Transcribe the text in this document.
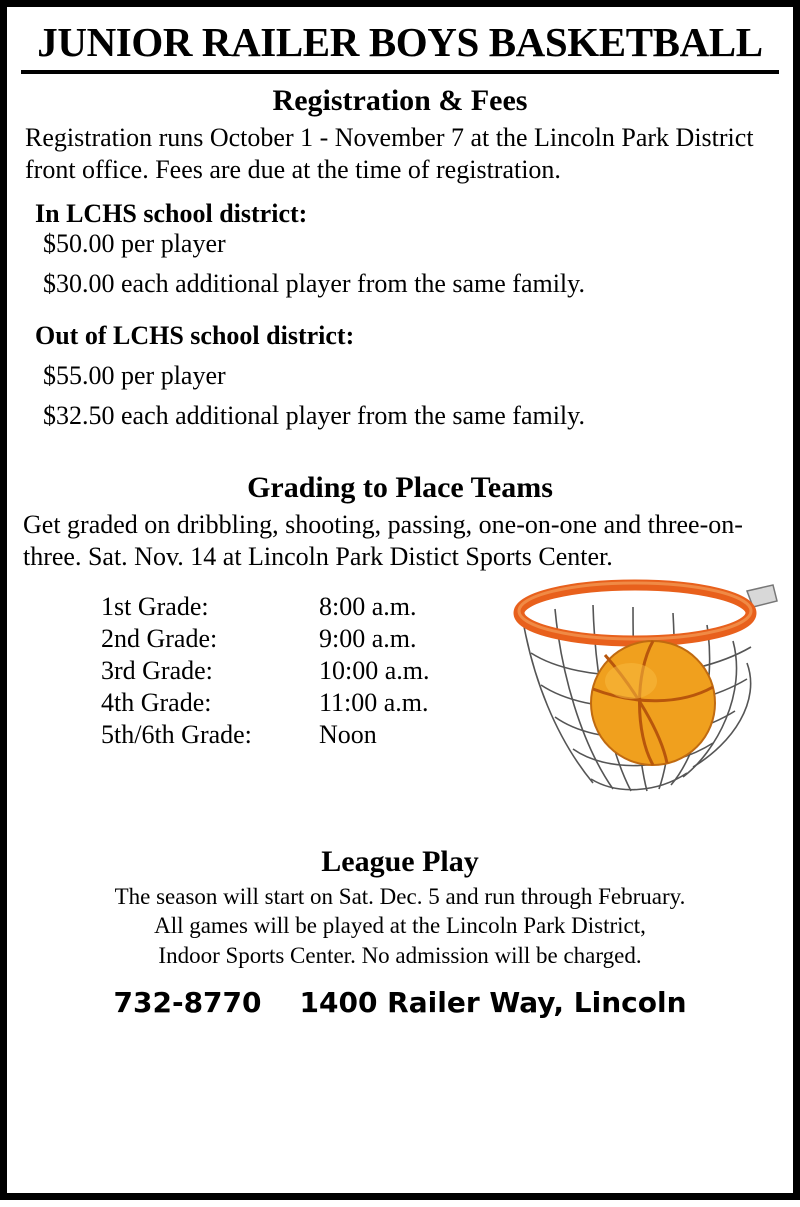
JUNIOR RAILER BOYS BASKETBALL
Registration & Fees

Registration runs October 1 - November 7 at the Lincoln Park District front office. Fees are due at the time of registration.

In LCHS school district:

$50.00 per player

$30.00 each additional player from the same family.

Out of LCHS school district:

$55.00 per player

$32.50 each additional player from the same family.

Grading to Place Teams

Get graded on dribbling, shooting, passing, one-on-one and three-on-three. Sat. Nov. 14 at Lincoln Park Distict Sports Center.

1st Grade:	8:00 a.m.
2nd Grade:	9:00 a.m.
3rd Grade:	10:00 a.m.
4th Grade:	11:00 a.m.
5th/6th Grade:	Noon
League Play

The season will start on Sat. Dec. 5 and run through February.

All games will be played at the Lincoln Park District,

Indoor Sports Center. No admission will be charged.

732-8770 1400 Railer Way, Lincoln
